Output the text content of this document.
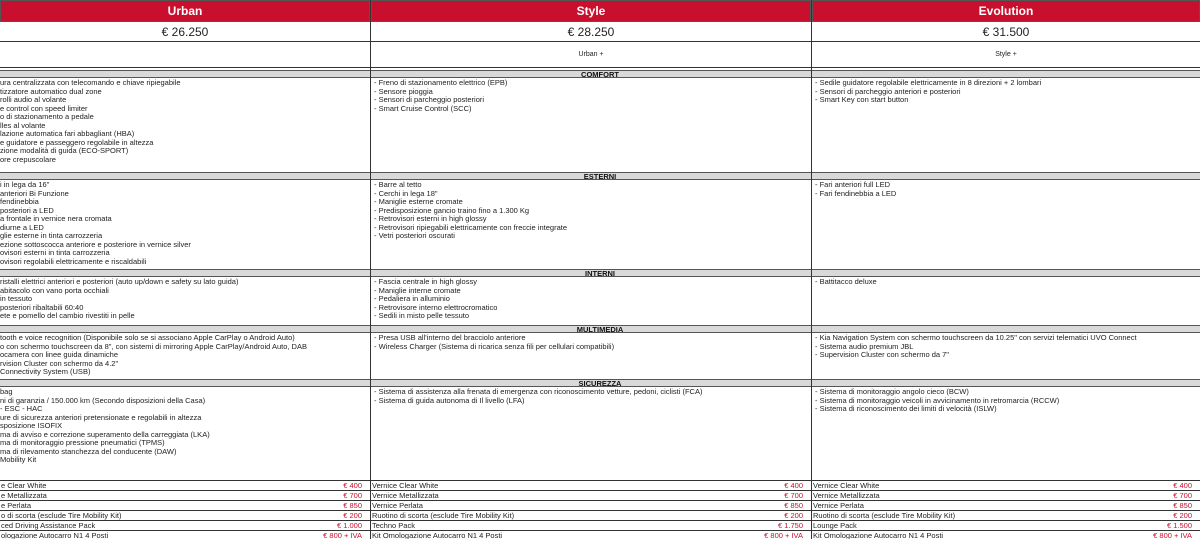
COMFORT
ESTERNI
INTERNI
MULTIMEDIA
SICUREZZA
Urban
€ 26.250
ura centralizzata con telecomando e chiave ripiegabile
tizzatore automatico dual zone
rolli audio al volante
e control con speed limiter
o di stazionamento a pedale
lles al volante
lazione automatica fari abbagliant (HBA)
e guidatore e passeggero regolabile in altezza
zione modalità di guida (ECO-SPORT)
ore crepuscolare
i in lega da 16"
anteriori Bi Funzione
fendinebbia
posteriori a LED
a frontale in vernice nera cromata
diurne a LED
glie esterne in tinta carrozzeria
ezione sottoscocca anteriore e posteriore in vernice silver
ovisori esterni in tinta carrozzeria
ovisori regolabili elettricamente e riscaldabili
ristalli elettrici anteriori e posteriori (auto up/down e safety su lato guida)
abitacolo con vano porta occhiali
in tessuto
posteriori ribaltabili 60:40
ete e pomello del cambio rivestiti in pelle
tooth e voice recognition (Disponibile solo se si associano Apple CarPlay o Android Auto)
o con schermo touchscreen da 8", con sistemi di mirroring Apple CarPlay/Android Auto, DAB
ocamera con linee guida dinamiche
rvision Cluster con schermo da 4.2"
Connectivity System (USB)
bag
ni di garanzia / 150.000 km (Secondo disposizioni della Casa)
- ESC - HAC
ure di sicurezza anteriori pretensionate e regolabili in altezza
sposizione ISOFIX
ma di avviso e correzione superamento della carreggiata (LKA)
ma di monitoraggio pressione pneumatici (TPMS)
ma di rilevamento stanchezza del conducente (DAW)
Mobility Kit
e Clear White	€ 400
e Metallizzata	€ 700
e Perlata	€ 850
o di scorta (esclude Tire Mobility Kit)	€ 200
ced Driving Assistance Pack	€ 1.000
ologazione Autocarro N1 4 Posti	€ 800 + IVA
Style
€ 28.250
Urban +
- Freno di stazionamento elettrico (EPB)
- Sensore pioggia
- Sensori di parcheggio posteriori
- Smart Cruise Control (SCC)
- Barre al tetto
- Cerchi in lega 18"
- Maniglie esterne cromate
- Predisposizione gancio traino fino a 1.300 Kg
- Retrovisori esterni in high glossy
- Retrovisori ripiegabili elettricamente con freccie integrate
- Vetri posteriori oscurati
- Fascia centrale in high glossy
- Maniglie interne cromate
- Pedaliera in alluminio
- Retrovisore interno elettrocromatico
- Sedili in misto pelle tessuto
- Presa USB all'interno del bracciolo anteriore
- Wireless Charger (Sistema di ricarica senza fili per cellulari compatibili)
- Sistema di assistenza alla frenata di emergenza con riconoscimento vetture, pedoni, ciclisti (FCA)
- Sistema di guida autonoma di Il livello (LFA)
Vernice Clear White	€ 400
Vernice Metallizzata	€ 700
Vernice Perlata	€ 850
Ruotino di scorta (esclude Tire Mobility Kit)	€ 200
Techno Pack	€ 1.750
Kit Omologazione Autocarro N1 4 Posti	€ 800 + IVA
Evolution
€ 31.500
Style +
- Sedile guidatore regolabile elettricamente in 8 direzioni + 2 lombari
- Sensori di parcheggio anteriori e posteriori
- Smart Key con start button
- Fari anteriori full LED
- Fari fendinebbia a LED
- Battitacco deluxe
- Kia Navigation System con schermo touchscreen da 10.25" con servizi telematici UVO Connect
- Sistema audio premium JBL
- Supervision Cluster con schermo da 7"
- Sistema di monitoraggio angolo cieco (BCW)
- Sistema di monitoraggio veicoli in avvicinamento in retromarcia (RCCW)
- Sistema di riconoscimento dei limiti di velocità (ISLW)
Vernice Clear White	€ 400
Vernice Metallizzata	€ 700
Vernice Perlata	€ 850
Ruotino di scorta (esclude Tire Mobility Kit)	€ 200
Lounge Pack	€ 1.500
Kit Omologazione Autocarro N1 4 Posti	€ 800 + IVA
